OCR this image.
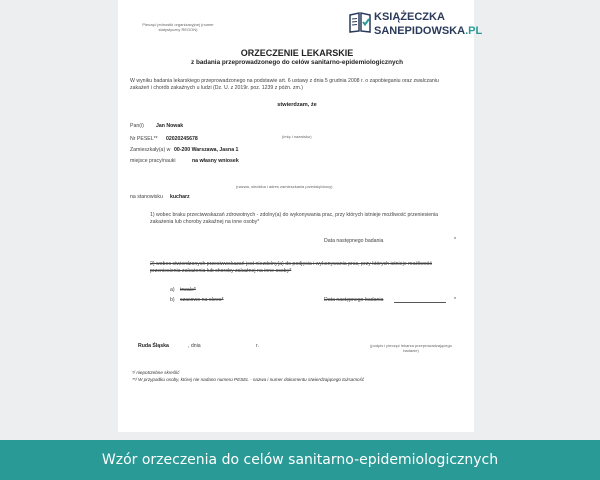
Pieczęć jednostki organizacyjnej (numer statystyczny REGON)
ORZECZENIE LEKARSKIE
z badania przeprowadzonego do celów sanitarno-epidemiologicznych
W wyniku badania lekarskiego przeprowadzonego na podstawie art. 6 ustawy z dnia 5 grudnia 2008 r. o zapobieganiu oraz zwalczaniu zakażeń i chorób zakaźnych u ludzi (Dz. U. z 2019r. poz. 1239 z późn. zm.)
stwierdzam, że
Pan(i) Jan Nowak
(imię i nazwisko)
Nr PESEL** 02020245678
Zamieszkały(a) w 00-200 Warszawa, Jasna 1
miejsce pracy/nauki	na własny wniosek
(nazwa, siedziba i adres zamieszkania przedsiębiorcy)
na stanowisku kucharz
1) wobec braku przeciwwskazań zdrowotnych - zdolny(a) do wykonywania prac, przy których istnieje możliwość przeniesienia zakażenia lub choroby zakaźnej na inne osoby*
Data następnego badania	*
2) wobec stwierdzonych przeciwwskazań jest niezdolny(a) do podjęcia i wykonywania prac, przy których istnieje możliwość przeniesienia zakażenia lub choroby zakaźnej na inne osoby*
a) trwale*
b) czasowo na okres*	Data następnego badania	*
Ruda Śląska	, dnia	r.	(podpis i pieczęć lekarza przeprowadzającego badanie)
*/ niepotrzebne skreślić
**/ W przypadku osoby, której nie nadano numeru PESEL - nazwa i numer dokumentu stwierdzającego tożsamość
KSIĄŻECZKA
SANEPIDOWSKA.PL
Wzór orzeczenia do celów sanitarno-epidemiologicznych
